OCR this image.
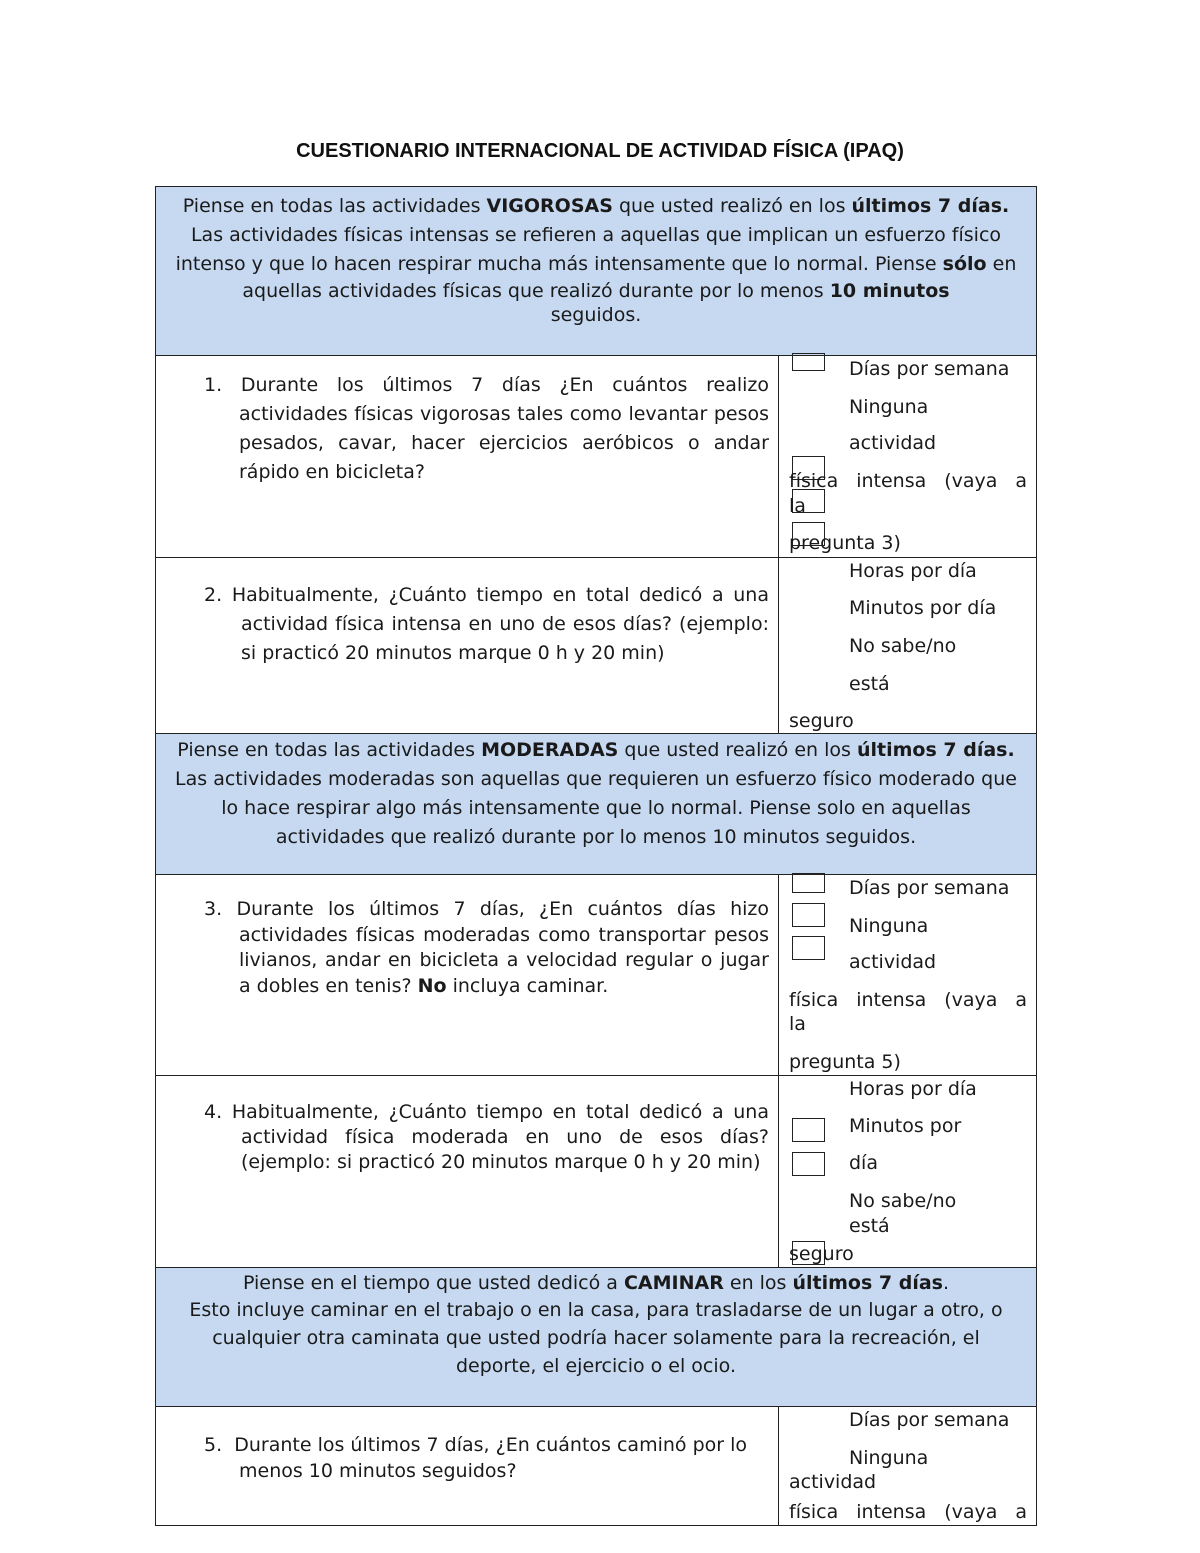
CUESTIONARIO INTERNACIONAL DE ACTIVIDAD FÍSICA (IPAQ)

Piense en todas las actividades VIGOROSAS que usted realizó en los últimos 7 días. Las actividades físicas intensas se refieren a aquellas que implican un esfuerzo físico intenso y que lo hacen respirar mucha más intensamente que lo normal. Piense sólo en

aquellas actividades físicas que realizó durante por lo menos 10 minutos

seguidos.

1. Durante los últimos 7 días ¿En cuántos realizo actividades físicas vigorosas tales como levantar pesos pesados, cavar, hacer ejercicios aeróbicos o andar rápido en bicicleta?
Días por semana
Ninguna
actividad
física intensa (vaya a
la
pregunta 3)
2. Habitualmente, ¿Cuánto tiempo en total dedicó a una actividad física intensa en uno de esos días? (ejemplo: si practicó 20 minutos marque 0 h y 20 min)
Horas por día
Minutos por día
No sabe/no
está
seguro

Piense en todas las actividades MODERADAS que usted realizó en los últimos 7 días. Las actividades moderadas son aquellas que requieren un esfuerzo físico moderado que lo hace respirar algo más intensamente que lo normal. Piense solo en aquellas

actividades que realizó durante por lo menos 10 minutos seguidos.

3. Durante los últimos 7 días, ¿En cuántos días hizo actividades físicas moderadas como transportar pesos livianos, andar en bicicleta a velocidad regular o jugar a dobles en tenis? No incluya caminar.
Días por semana
Ninguna
actividad
física intensa (vaya a
la
pregunta 5)
4. Habitualmente, ¿Cuánto tiempo en total dedicó a una actividad física moderada en uno de esos días? (ejemplo: si practicó 20 minutos marque 0 h y 20 min)
Horas por día
Minutos por
día
No sabe/no
está
seguro

Piense en el tiempo que usted dedicó a CAMINAR en los últimos 7 días.

Esto incluye caminar en el trabajo o en la casa, para trasladarse de un lugar a otro, o

cualquier otra caminata que usted podría hacer solamente para la recreación, el deporte, el ejercicio o el ocio.

5. Durante los últimos 7 días, ¿En cuántos caminó por lo menos 10 minutos seguidos?
Días por semana
Ninguna
actividad
física intensa (vaya a
